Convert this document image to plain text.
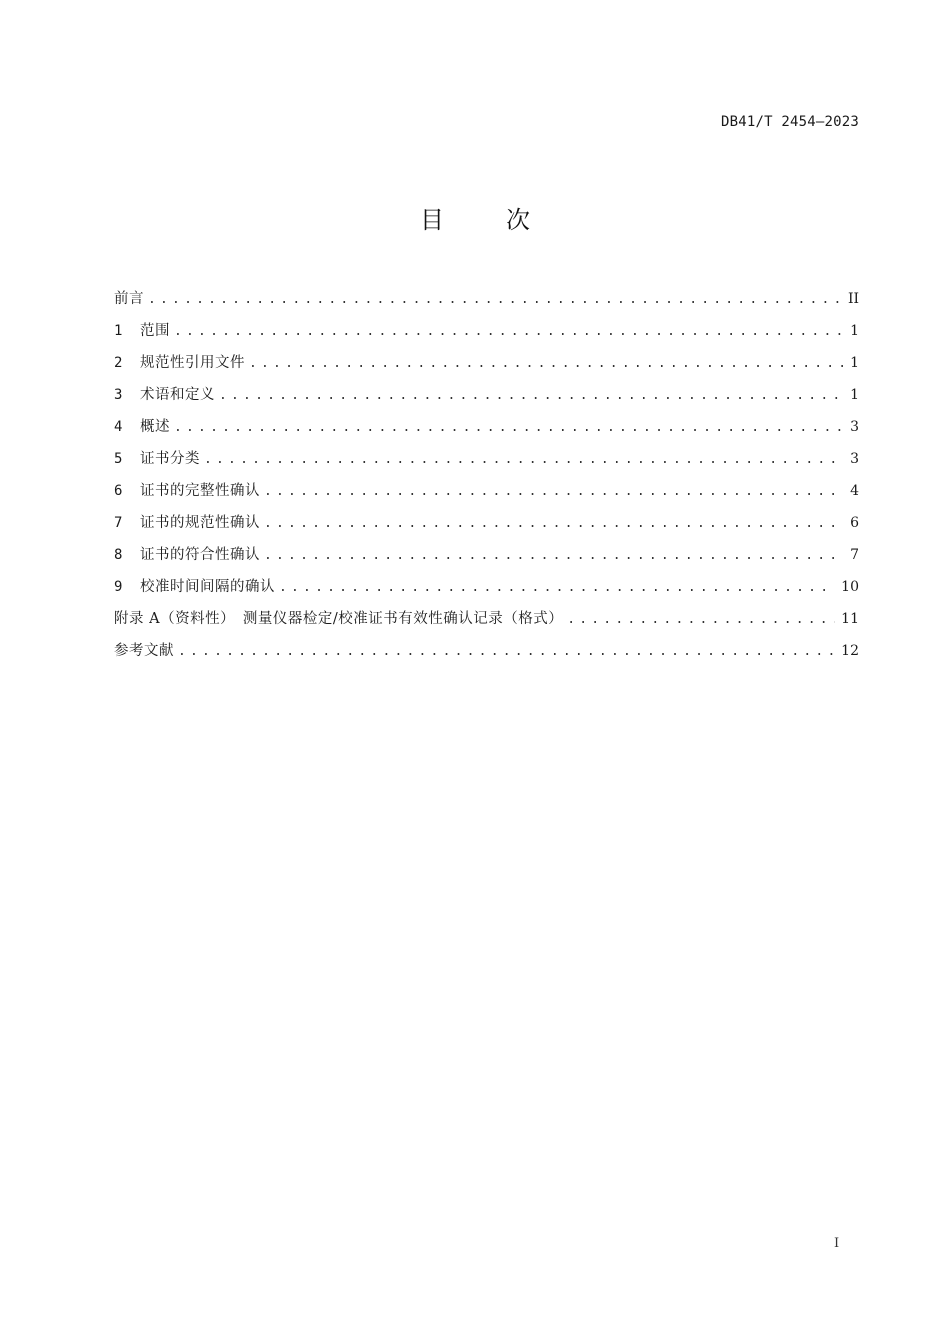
DB41/T 2454—2023
目	次
前言 .....	II
1	范围 .....	1
2	规范性引用文件 .....	1
3	术语和定义 .....	1
4	概述 .....	3
5	证书分类 .....	3
6	证书的完整性确认 .....	4
7	证书的规范性确认 .....	6
8	证书的符合性确认 .....	7
9	校准时间间隔的确认 .....	10
附录 A（资料性）　测量仪器检定/校准证书有效性确认记录（格式） .....	11
参考文献 .....	12
I
